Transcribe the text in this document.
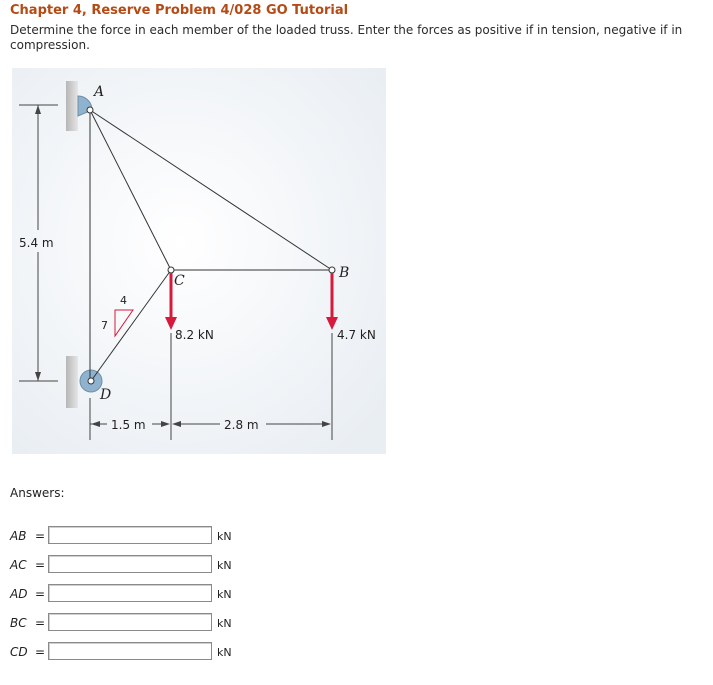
Chapter 4, Reserve Problem 4/028 GO Tutorial
Determine the force in each member of the loaded truss. Enter the forces as positive if in tension, negative if in compression.
5.4 m
A
C	B
D
4
7
8.2 kN	4.7 kN
1.5 m	2.8 m
Answers:
AB =	kN
AC =	kN
AD =	kN
BC =	kN
CD =	kN
